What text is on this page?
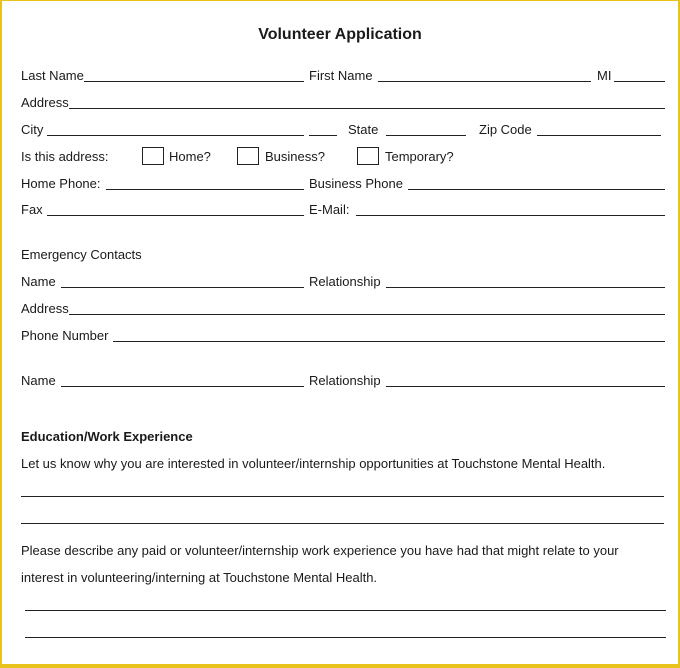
Volunteer Application
Last Name	First Name	MI
Address
City	State	Zip Code
Is this address:	Home?	Business?	Temporary?
Home Phone:	Business Phone
Fax	E-Mail:
Emergency Contacts
Name	Relationship
Address
Phone Number
Name	Relationship
Education/Work Experience
Let us know why you are interested in volunteer/internship opportunities at Touchstone Mental Health.
Please describe any paid or volunteer/internship work experience you have had that might relate to your
interest in volunteering/interning at Touchstone Mental Health.
